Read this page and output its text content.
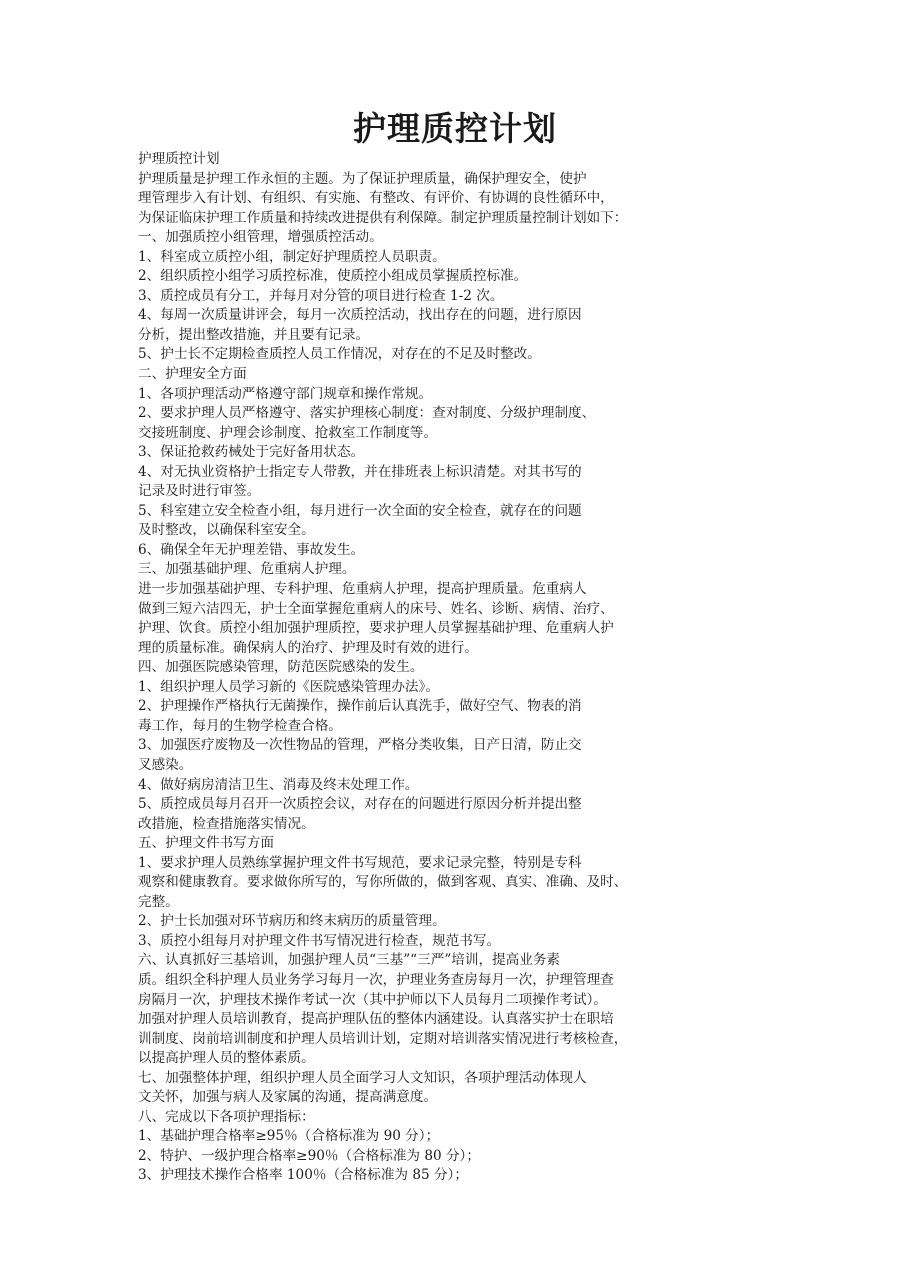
护理质控计划
护理质控计划
护理质量是护理工作永恒的主题。为了保证护理质量，确保护理安全，使护
理管理步入有计划、有组织、有实施、有整改、有评价、有协调的良性循环中，
为保证临床护理工作质量和持续改进提供有利保障。制定护理质量控制计划如下：
一、加强质控小组管理，增强质控活动。
1、科室成立质控小组，制定好护理质控人员职责。
2、组织质控小组学习质控标准，使质控小组成员掌握质控标准。
3、质控成员有分工，并每月对分管的项目进行检查 1-2 次。
4、每周一次质量讲评会，每月一次质控活动，找出存在的问题，进行原因
分析，提出整改措施，并且要有记录。
5、护士长不定期检查质控人员工作情况，对存在的不足及时整改。
二、护理安全方面
1、各项护理活动严格遵守部门规章和操作常规。
2、要求护理人员严格遵守、落实护理核心制度：查对制度、分级护理制度、
交接班制度、护理会诊制度、抢救室工作制度等。
3、保证抢救药械处于完好备用状态。
4、对无执业资格护士指定专人带教，并在排班表上标识清楚。对其书写的
记录及时进行审签。
5、科室建立安全检查小组，每月进行一次全面的安全检查，就存在的问题
及时整改，以确保科室安全。
6、确保全年无护理差错、事故发生。
三、加强基础护理、危重病人护理。
进一步加强基础护理、专科护理、危重病人护理，提高护理质量。危重病人
做到三短六洁四无，护士全面掌握危重病人的床号、姓名、诊断、病情、治疗、
护理、饮食。质控小组加强护理质控，要求护理人员掌握基础护理、危重病人护
理的质量标准。确保病人的治疗、护理及时有效的进行。
四、加强医院感染管理，防范医院感染的发生。
1、组织护理人员学习新的《医院感染管理办法》。
2、护理操作严格执行无菌操作，操作前后认真洗手，做好空气、物表的消
毒工作，每月的生物学检查合格。
3、加强医疗废物及一次性物品的管理，严格分类收集，日产日清，防止交
叉感染。
4、做好病房清洁卫生、消毒及终末处理工作。
5、质控成员每月召开一次质控会议，对存在的问题进行原因分析并提出整
改措施，检查措施落实情况。
五、护理文件书写方面
1、要求护理人员熟练掌握护理文件书写规范，要求记录完整，特别是专科
观察和健康教育。要求做你所写的，写你所做的，做到客观、真实、准确、及时、
完整。
2、护士长加强对环节病历和终末病历的质量管理。
3、质控小组每月对护理文件书写情况进行检查，规范书写。
六、认真抓好三基培训，加强护理人员“三基”“三严”培训，提高业务素
质。组织全科护理人员业务学习每月一次，护理业务查房每月一次，护理管理查
房隔月一次，护理技术操作考试一次（其中护师以下人员每月二项操作考试）。
加强对护理人员培训教育，提高护理队伍的整体内涵建设。认真落实护士在职培
训制度、岗前培训制度和护理人员培训计划，定期对培训落实情况进行考核检查，
以提高护理人员的整体素质。
七、加强整体护理，组织护理人员全面学习人文知识，各项护理活动体现人
文关怀，加强与病人及家属的沟通，提高满意度。
八、完成以下各项护理指标：
1、基础护理合格率≥95％（合格标准为 90 分）；
2、特护、一级护理合格率≥90％（合格标准为 80 分）；
3、护理技术操作合格率 100％（合格标准为 85 分）；
